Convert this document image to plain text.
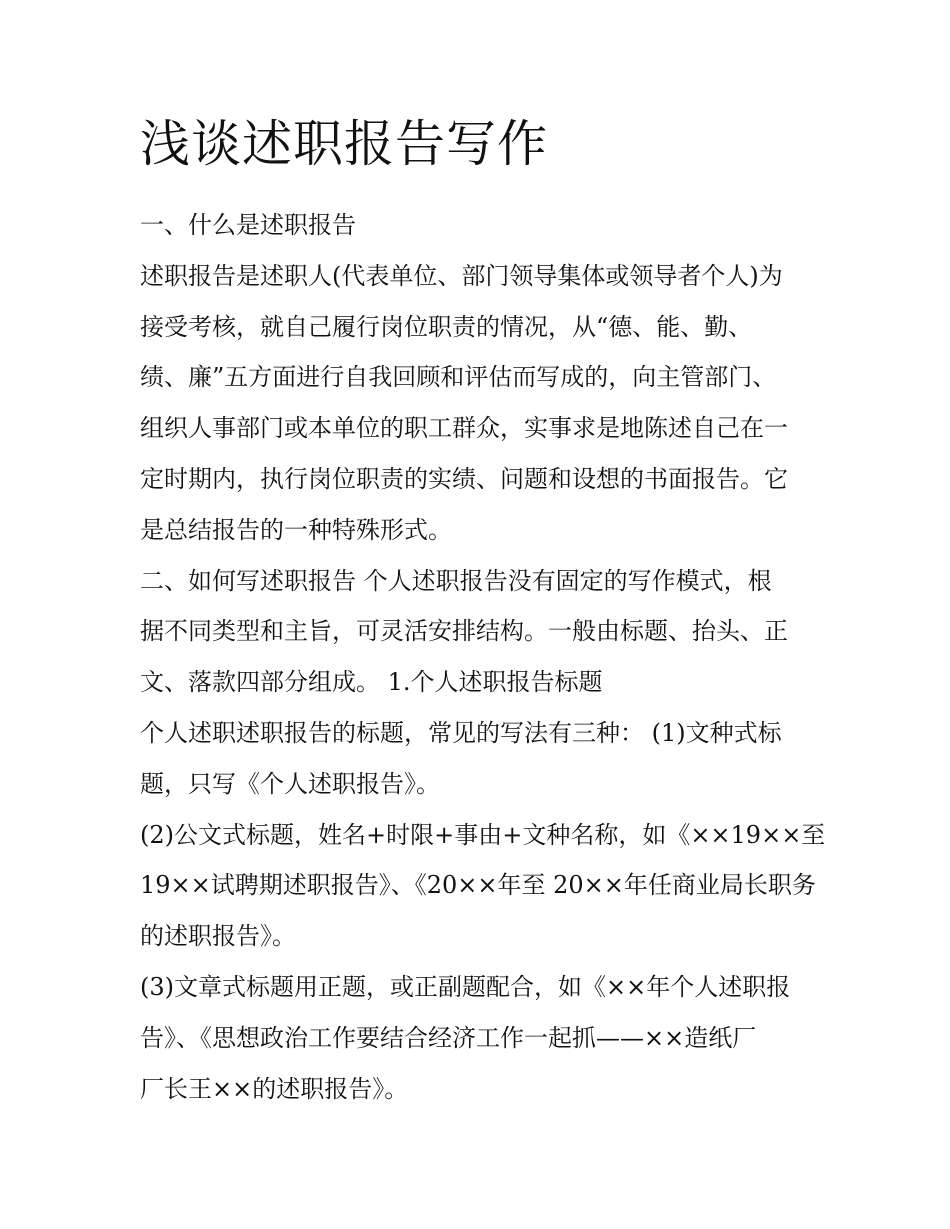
浅谈述职报告写作
一、什么是述职报告
述职报告是述职人(代表单位、部门领导集体或领导者个人)为
接受考核，就自己履行岗位职责的情况，从“德、能、勤、
绩、廉”五方面进行自我回顾和评估而写成的，向主管部门、
组织人事部门或本单位的职工群众，实事求是地陈述自己在一
定时期内，执行岗位职责的实绩、问题和设想的书面报告。它
是总结报告的一种特殊形式。
二、如何写述职报告 个人述职报告没有固定的写作模式，根
据不同类型和主旨，可灵活安排结构。一般由标题、抬头、正
文、落款四部分组成。 1.个人述职报告标题
个人述职述职报告的标题，常见的写法有三种： (1)文种式标
题，只写《个人述职报告》。
(2)公文式标题，姓名+时限+事由+文种名称，如《××19××至
19××试聘期述职报告》、《20××年至 20××年任商业局长职务
的述职报告》。
(3)文章式标题用正题，或正副题配合，如《××年个人述职报
告》、《思想政治工作要结合经济工作一起抓——××造纸厂
厂长王××的述职报告》。
